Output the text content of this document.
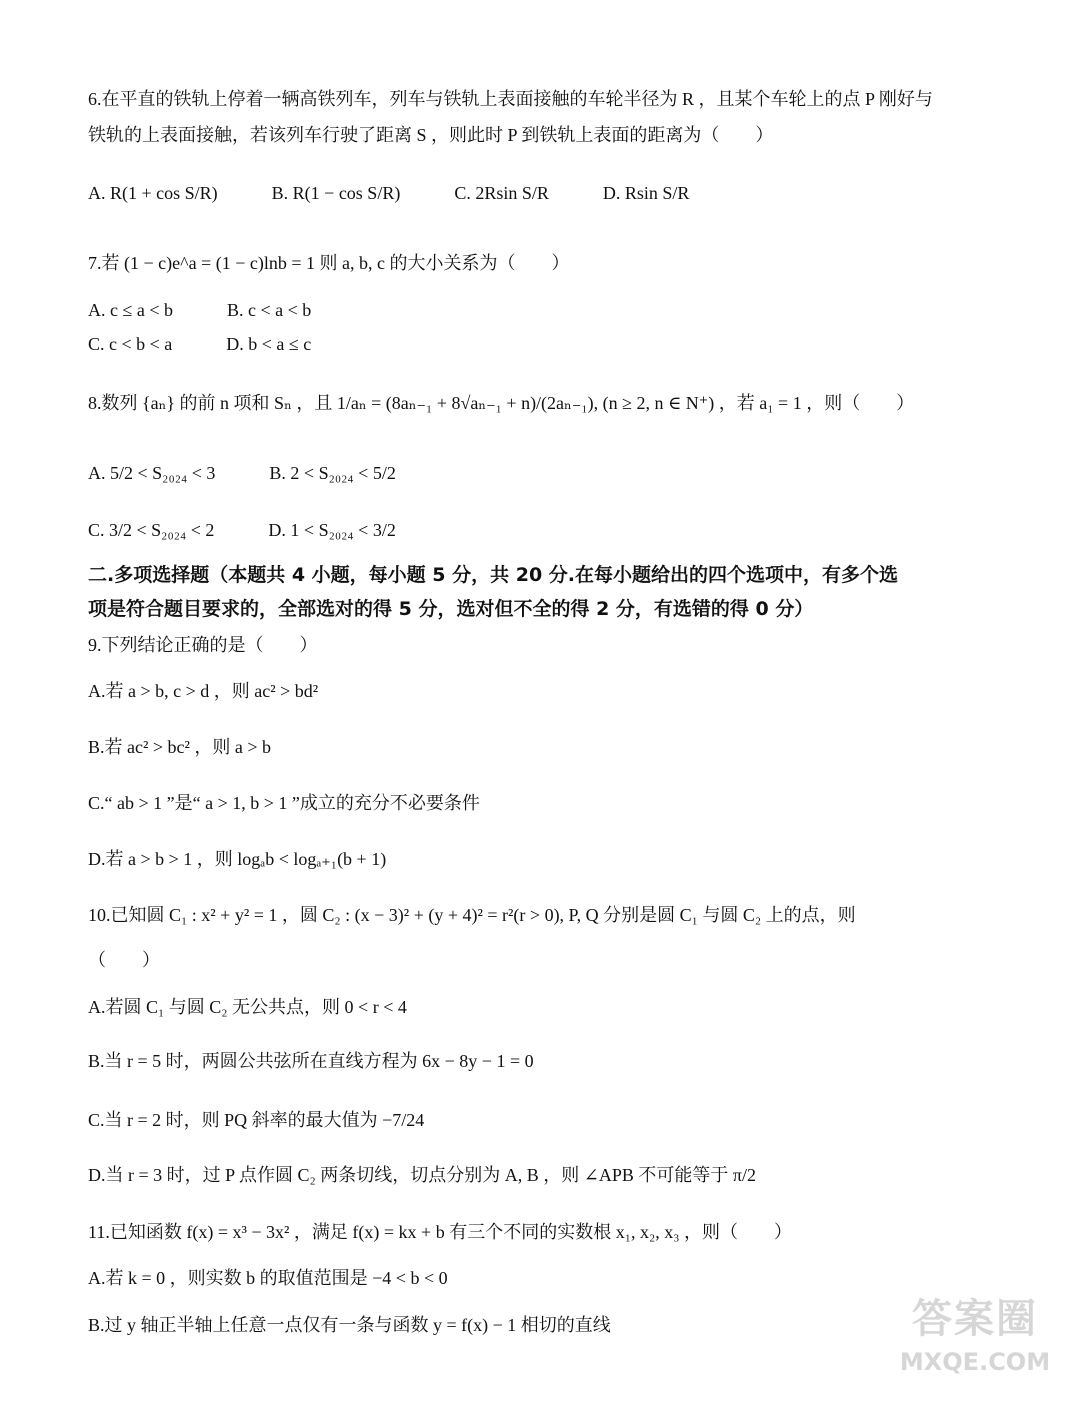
6.在平直的铁轨上停着一辆高铁列车，列车与铁轨上表面接触的车轮半径为 R ，且某个车轮上的点 P 刚好与
铁轨的上表面接触，若该列车行驶了距离 S ，则此时 P 到铁轨上表面的距离为（　　）
A. R(1 + cos S/R)　　　B. R(1 − cos S/R)　　　C. 2Rsin S/R　　　D. Rsin S/R
7.若 (1 − c)e^a = (1 − c)lnb = 1 则 a, b, c 的大小关系为（　　）
A. c ≤ a < b　　　B. c < a < b
C. c < b < a　　　D. b < a ≤ c
8.数列 {aₙ} 的前 n 项和 Sₙ ，且 1/aₙ = (8aₙ₋₁ + 8√aₙ₋₁ + n)/(2aₙ₋₁), (n ≥ 2, n ∈ N⁺) ，若 a₁ = 1 ，则（　　）
A. 5/2 < S₂₀₂₄ < 3　　　B. 2 < S₂₀₂₄ < 5/2
C. 3/2 < S₂₀₂₄ < 2　　　D. 1 < S₂₀₂₄ < 3/2
二.多项选择题（本题共 4 小题，每小题 5 分，共 20 分.在每小题给出的四个选项中，有多个选
项是符合题目要求的，全部选对的得 5 分，选对但不全的得 2 分，有选错的得 0 分）
9.下列结论正确的是（　　）
A.若 a > b, c > d ，则 ac² > bd²
B.若 ac² > bc² ，则 a > b
C.“ ab > 1 ”是“ a > 1, b > 1 ”成立的充分不必要条件
D.若 a > b > 1 ，则 logₐb < logₐ₊₁(b + 1)
10.已知圆 C₁ : x² + y² = 1 ，圆 C₂ : (x − 3)² + (y + 4)² = r²(r > 0), P, Q 分别是圆 C₁ 与圆 C₂ 上的点，则
（　　）
A.若圆 C₁ 与圆 C₂ 无公共点，则 0 < r < 4
B.当 r = 5 时，两圆公共弦所在直线方程为 6x − 8y − 1 = 0
C.当 r = 2 时，则 PQ 斜率的最大值为 −7/24
D.当 r = 3 时，过 P 点作圆 C₂ 两条切线，切点分别为 A, B ，则 ∠APB 不可能等于 π/2
11.已知函数 f(x) = x³ − 3x² ，满足 f(x) = kx + b 有三个不同的实数根 x₁, x₂, x₃ ，则（　　）
A.若 k = 0 ，则实数 b 的取值范围是 −4 < b < 0
B.过 y 轴正半轴上任意一点仅有一条与函数 y = f(x) − 1 相切的直线	答案圈
MXQE.COM
